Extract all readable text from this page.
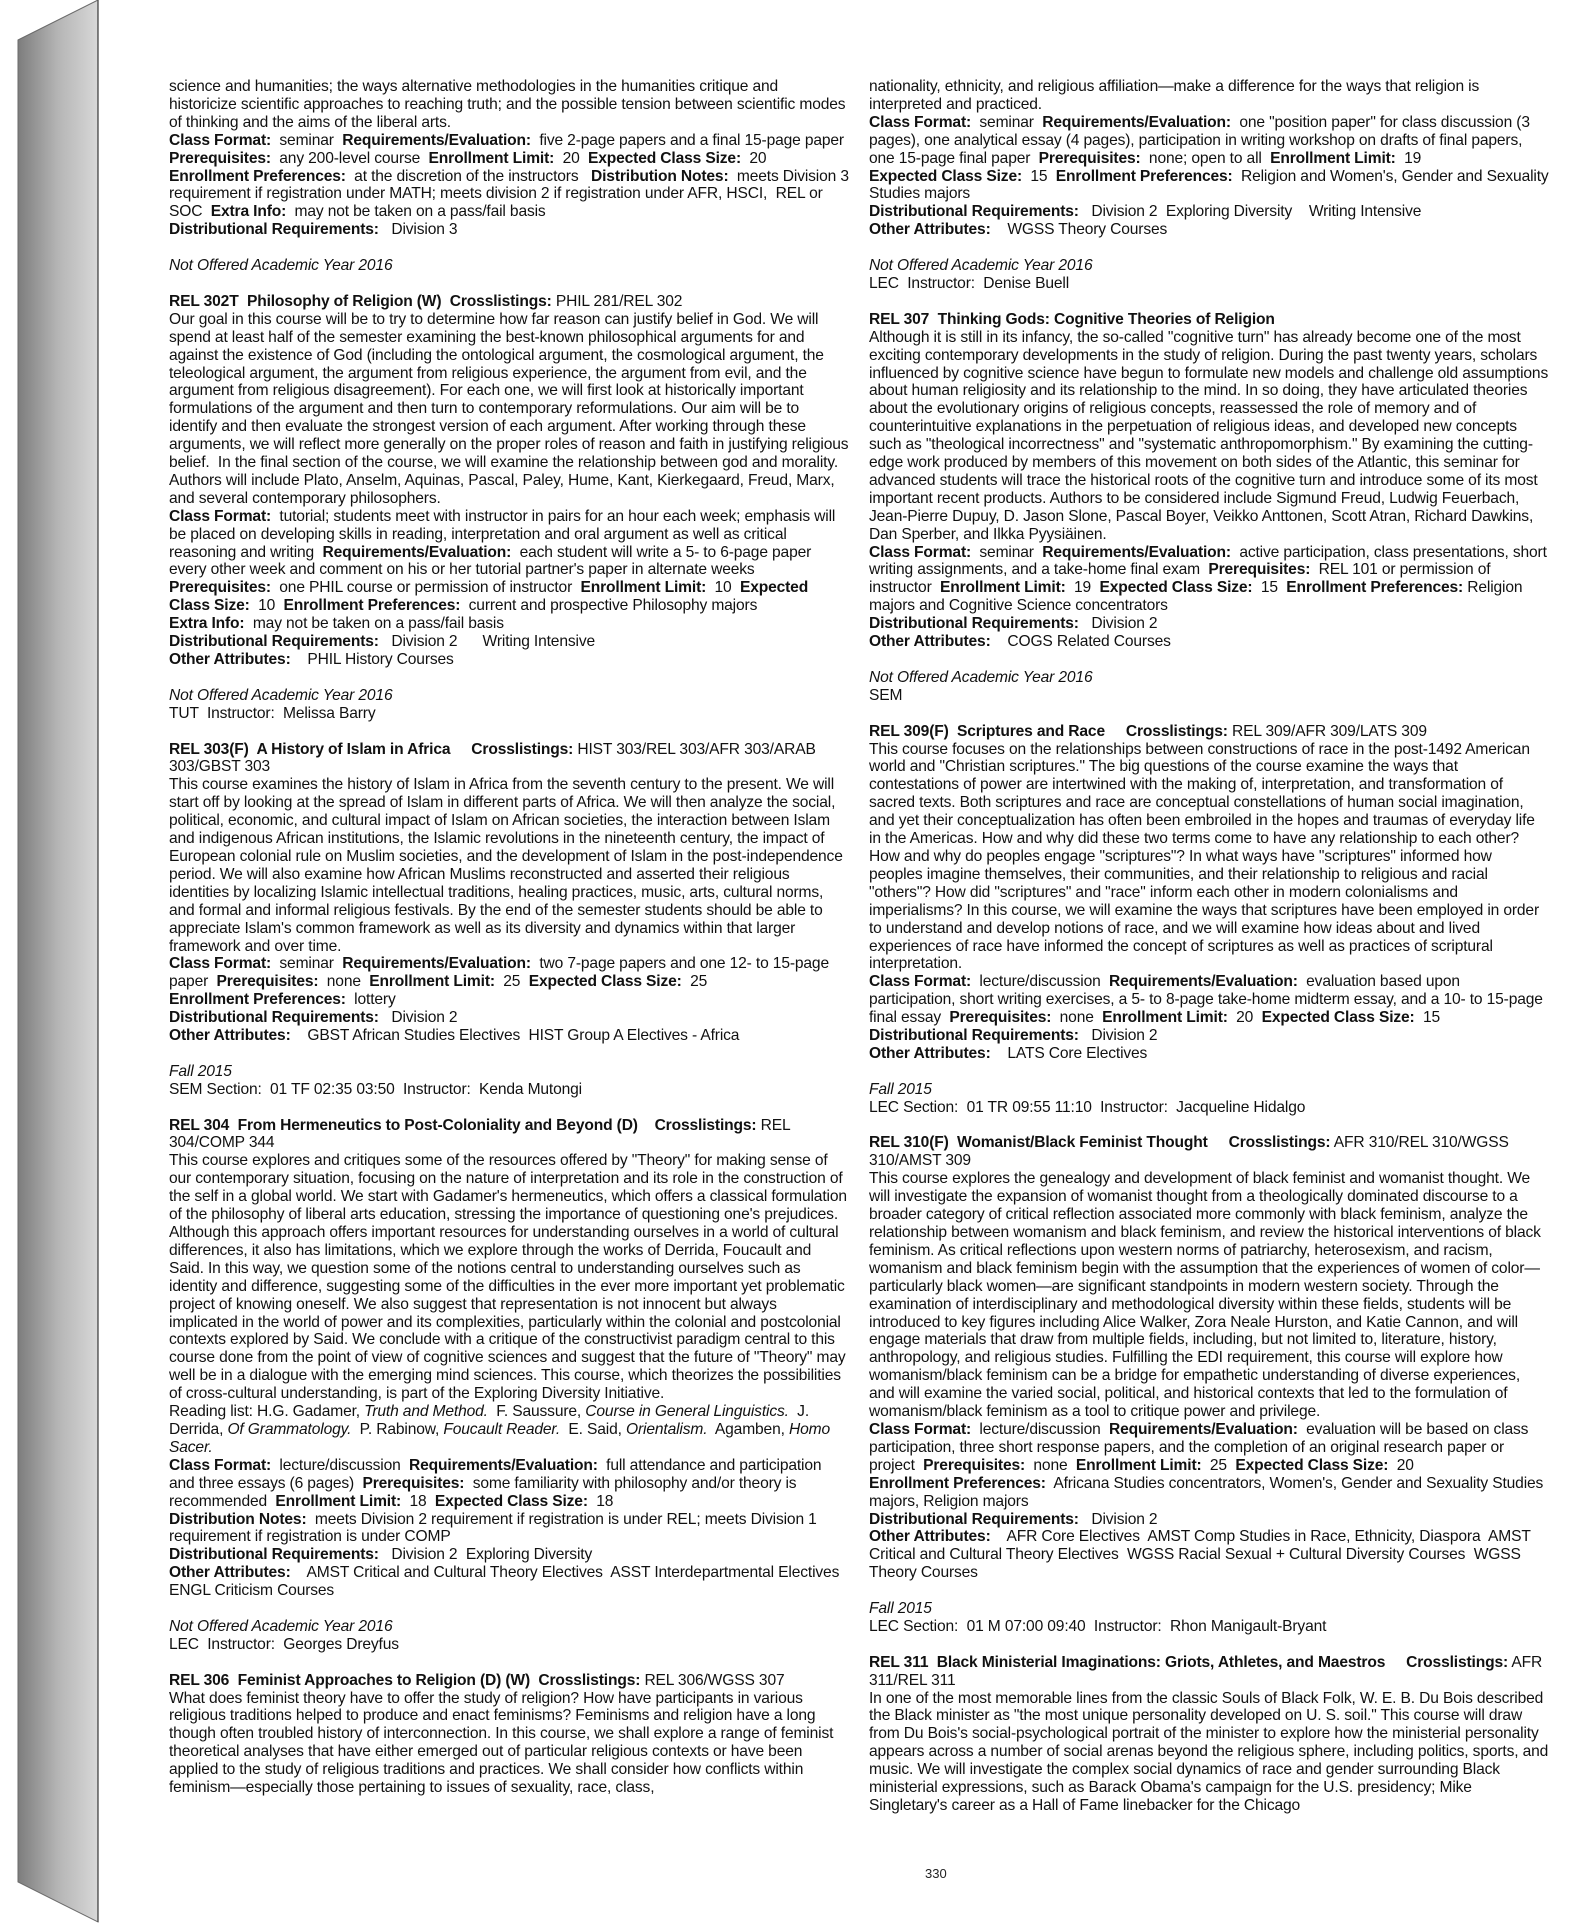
science and humanities; the ways alternative methodologies in the humanities critique and historicize scientific approaches to reaching truth; and the possible tension between scientific modes of thinking and the aims of the liberal arts.

Class Format:  seminar  Requirements/Evaluation:  five 2-page papers and a final 15-page paper  Prerequisites:  any 200-level course  Enrollment Limit:  20  Expected Class Size:  20

Enrollment Preferences:  at the discretion of the instructors   Distribution Notes:  meets Division 3 requirement if registration under MATH; meets division 2 if registration under AFR, HSCI,  REL or SOC  Extra Info:  may not be taken on a pass/fail basis

Distributional Requirements:   Division 3

Not Offered Academic Year 2016

REL 302T  Philosophy of Religion (W)  Crosslistings: PHIL 281/REL 302

Our goal in this course will be to try to determine how far reason can justify belief in God. We will spend at least half of the semester examining the best-known philosophical arguments for and against the existence of God (including the ontological argument, the cosmological argument, the teleological argument, the argument from religious experience, the argument from evil, and the argument from religious disagreement). For each one, we will first look at historically important formulations of the argument and then turn to contemporary reformulations. Our aim will be to identify and then evaluate the strongest version of each argument. After working through these arguments, we will reflect more generally on the proper roles of reason and faith in justifying religious belief.  In the final section of the course, we will examine the relationship between god and morality. Authors will include Plato, Anselm, Aquinas, Pascal, Paley, Hume, Kant, Kierkegaard, Freud, Marx, and several contemporary philosophers.

Class Format:  tutorial; students meet with instructor in pairs for an hour each week; emphasis will be placed on developing skills in reading, interpretation and oral argument as well as critical reasoning and writing  Requirements/Evaluation:  each student will write a 5- to 6-page paper every other week and comment on his or her tutorial partner's paper in alternate weeks

Prerequisites:  one PHIL course or permission of instructor  Enrollment Limit:  10  Expected Class Size:  10  Enrollment Preferences:  current and prospective Philosophy majors

Extra Info:  may not be taken on a pass/fail basis

Distributional Requirements:   Division 2      Writing Intensive

Other Attributes:    PHIL History Courses

Not Offered Academic Year 2016

TUT  Instructor:  Melissa Barry

REL 303(F)  A History of Islam in Africa     Crosslistings: HIST 303/REL 303/AFR 303/ARAB 303/GBST 303

This course examines the history of Islam in Africa from the seventh century to the present. We will start off by looking at the spread of Islam in different parts of Africa. We will then analyze the social, political, economic, and cultural impact of Islam on African societies, the interaction between Islam and indigenous African institutions, the Islamic revolutions in the nineteenth century, the impact of European colonial rule on Muslim societies, and the development of Islam in the post-independence period. We will also examine how African Muslims reconstructed and asserted their religious identities by localizing Islamic intellectual traditions, healing practices, music, arts, cultural norms, and formal and informal religious festivals. By the end of the semester students should be able to appreciate Islam's common framework as well as its diversity and dynamics within that larger framework and over time.

Class Format:  seminar  Requirements/Evaluation:  two 7-page papers and one 12- to 15-page paper  Prerequisites:  none  Enrollment Limit:  25  Expected Class Size:  25

Enrollment Preferences:  lottery

Distributional Requirements:   Division 2

Other Attributes:    GBST African Studies Electives  HIST Group A Electives - Africa

Fall 2015

SEM Section:  01 TF 02:35 03:50  Instructor:  Kenda Mutongi

REL 304  From Hermeneutics to Post-Coloniality and Beyond (D)    Crosslistings: REL 304/COMP 344

This course explores and critiques some of the resources offered by "Theory" for making sense of our contemporary situation, focusing on the nature of interpretation and its role in the construction of the self in a global world. We start with Gadamer's hermeneutics, which offers a classical formulation of the philosophy of liberal arts education, stressing the importance of questioning one's prejudices. Although this approach offers important resources for understanding ourselves in a world of cultural differences, it also has limitations, which we explore through the works of Derrida, Foucault and Said. In this way, we question some of the notions central to understanding ourselves such as identity and difference, suggesting some of the difficulties in the ever more important yet problematic project of knowing oneself. We also suggest that representation is not innocent but always implicated in the world of power and its complexities, particularly within the colonial and postcolonial contexts explored by Said. We conclude with a critique of the constructivist paradigm central to this course done from the point of view of cognitive sciences and suggest that the future of "Theory" may well be in a dialogue with the emerging mind sciences. This course, which theorizes the possibilities of cross-cultural understanding, is part of the Exploring Diversity Initiative.

Reading list: H.G. Gadamer, Truth and Method.  F. Saussure, Course in General Linguistics.  J. Derrida, Of Grammatology.  P. Rabinow, Foucault Reader.  E. Said, Orientalism.  Agamben, Homo Sacer.

Class Format:  lecture/discussion  Requirements/Evaluation:  full attendance and participation and three essays (6 pages)  Prerequisites:  some familiarity with philosophy and/or theory is recommended  Enrollment Limit:  18  Expected Class Size:  18

Distribution Notes:  meets Division 2 requirement if registration is under REL; meets Division 1 requirement if registration is under COMP

Distributional Requirements:   Division 2  Exploring Diversity

Other Attributes:    AMST Critical and Cultural Theory Electives  ASST Interdepartmental Electives  ENGL Criticism Courses

Not Offered Academic Year 2016

LEC  Instructor:  Georges Dreyfus

REL 306  Feminist Approaches to Religion (D) (W)  Crosslistings: REL 306/WGSS 307

What does feminist theory have to offer the study of religion? How have participants in various religious traditions helped to produce and enact feminisms? Feminisms and religion have a long though often troubled history of interconnection. In this course, we shall explore a range of feminist theoretical analyses that have either emerged out of particular religious contexts or have been applied to the study of religious traditions and practices. We shall consider how conflicts within feminism—especially those pertaining to issues of sexuality, race, class,

nationality, ethnicity, and religious affiliation—make a difference for the ways that religion is interpreted and practiced.

Class Format:  seminar  Requirements/Evaluation:  one "position paper" for class discussion (3 pages), one analytical essay (4 pages), participation in writing workshop on drafts of final papers, one 15-page final paper  Prerequisites:  none; open to all  Enrollment Limit:  19

Expected Class Size:  15  Enrollment Preferences:  Religion and Women's, Gender and Sexuality Studies majors

Distributional Requirements:   Division 2  Exploring Diversity    Writing Intensive

Other Attributes:    WGSS Theory Courses

Not Offered Academic Year 2016

LEC  Instructor:  Denise Buell

REL 307  Thinking Gods: Cognitive Theories of Religion

Although it is still in its infancy, the so-called "cognitive turn" has already become one of the most exciting contemporary developments in the study of religion. During the past twenty years, scholars influenced by cognitive science have begun to formulate new models and challenge old assumptions about human religiosity and its relationship to the mind. In so doing, they have articulated theories about the evolutionary origins of religious concepts, reassessed the role of memory and of counterintuitive explanations in the perpetuation of religious ideas, and developed new concepts such as "theological incorrectness" and "systematic anthropomorphism." By examining the cutting-edge work produced by members of this movement on both sides of the Atlantic, this seminar for advanced students will trace the historical roots of the cognitive turn and introduce some of its most important recent products. Authors to be considered include Sigmund Freud, Ludwig Feuerbach, Jean-Pierre Dupuy, D. Jason Slone, Pascal Boyer, Veikko Anttonen, Scott Atran, Richard Dawkins, Dan Sperber, and Ilkka Pyysiäinen.

Class Format:  seminar  Requirements/Evaluation:  active participation, class presentations, short writing assignments, and a take-home final exam  Prerequisites:  REL 101 or permission of instructor  Enrollment Limit:  19  Expected Class Size:  15  Enrollment Preferences: Religion majors and Cognitive Science concentrators

Distributional Requirements:   Division 2

Other Attributes:    COGS Related Courses

Not Offered Academic Year 2016

SEM

REL 309(F)  Scriptures and Race     Crosslistings: REL 309/AFR 309/LATS 309

This course focuses on the relationships between constructions of race in the post-1492 American world and "Christian scriptures." The big questions of the course examine the ways that contestations of power are intertwined with the making of, interpretation, and transformation of sacred texts. Both scriptures and race are conceptual constellations of human social imagination, and yet their conceptualization has often been embroiled in the hopes and traumas of everyday life in the Americas. How and why did these two terms come to have any relationship to each other? How and why do peoples engage "scriptures"? In what ways have "scriptures" informed how peoples imagine themselves, their communities, and their relationship to religious and racial "others"? How did "scriptures" and "race" inform each other in modern colonialisms and imperialisms? In this course, we will examine the ways that scriptures have been employed in order to understand and develop notions of race, and we will examine how ideas about and lived experiences of race have informed the concept of scriptures as well as practices of scriptural interpretation.

Class Format:  lecture/discussion  Requirements/Evaluation:  evaluation based upon participation, short writing exercises, a 5- to 8-page take-home midterm essay, and a 10- to 15-page final essay  Prerequisites:  none  Enrollment Limit:  20  Expected Class Size:  15

Distributional Requirements:   Division 2

Other Attributes:    LATS Core Electives

Fall 2015

LEC Section:  01 TR 09:55 11:10  Instructor:  Jacqueline Hidalgo

REL 310(F)  Womanist/Black Feminist Thought     Crosslistings: AFR 310/REL 310/WGSS 310/AMST 309

This course explores the genealogy and development of black feminist and womanist thought. We will investigate the expansion of womanist thought from a theologically dominated discourse to a broader category of critical reflection associated more commonly with black feminism, analyze the relationship between womanism and black feminism, and review the historical interventions of black feminism. As critical reflections upon western norms of patriarchy, heterosexism, and racism, womanism and black feminism begin with the assumption that the experiences of women of color—particularly black women—are significant standpoints in modern western society. Through the examination of interdisciplinary and methodological diversity within these fields, students will be introduced to key figures including Alice Walker, Zora Neale Hurston, and Katie Cannon, and will engage materials that draw from multiple fields, including, but not limited to, literature, history, anthropology, and religious studies. Fulfilling the EDI requirement, this course will explore how womanism/black feminism can be a bridge for empathetic understanding of diverse experiences, and will examine the varied social, political, and historical contexts that led to the formulation of womanism/black feminism as a tool to critique power and privilege.

Class Format:  lecture/discussion  Requirements/Evaluation:  evaluation will be based on class participation, three short response papers, and the completion of an original research paper or project  Prerequisites:  none  Enrollment Limit:  25  Expected Class Size:  20

Enrollment Preferences:  Africana Studies concentrators, Women's, Gender and Sexuality Studies majors, Religion majors

Distributional Requirements:   Division 2

Other Attributes:    AFR Core Electives  AMST Comp Studies in Race, Ethnicity, Diaspora  AMST Critical and Cultural Theory Electives  WGSS Racial Sexual + Cultural Diversity Courses  WGSS Theory Courses

Fall 2015

LEC Section:  01 M 07:00 09:40  Instructor:  Rhon Manigault-Bryant

REL 311  Black Ministerial Imaginations: Griots, Athletes, and Maestros     Crosslistings: AFR 311/REL 311

In one of the most memorable lines from the classic Souls of Black Folk, W. E. B. Du Bois described the Black minister as "the most unique personality developed on U. S. soil." This course will draw from Du Bois's social-psychological portrait of the minister to explore how the ministerial personality appears across a number of social arenas beyond the religious sphere, including politics, sports, and music. We will investigate the complex social dynamics of race and gender surrounding Black ministerial expressions, such as Barack Obama's campaign for the U.S. presidency; Mike Singletary's career as a Hall of Fame linebacker for the Chicago

330
